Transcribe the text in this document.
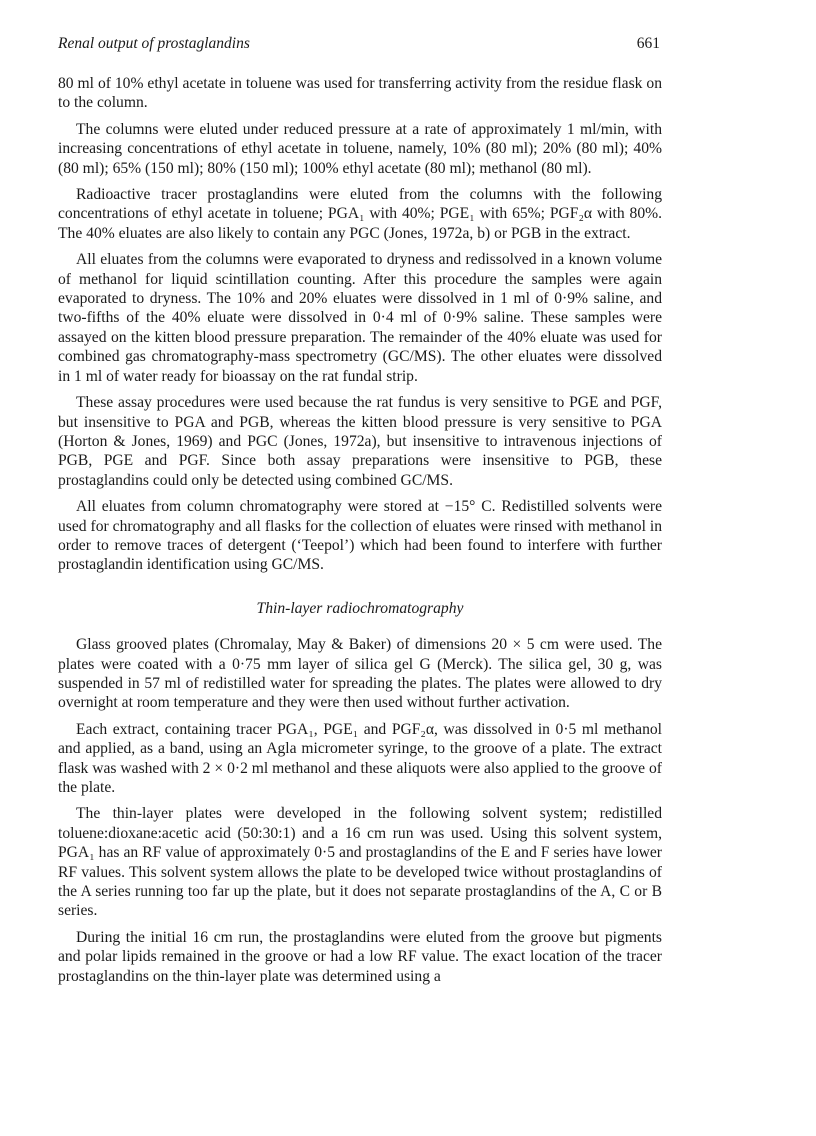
Renal output of prostaglandins	661

80 ml of 10% ethyl acetate in toluene was used for transferring activity from the residue flask on to the column.

The columns were eluted under reduced pressure at a rate of approximately 1 ml/min, with increasing concentrations of ethyl acetate in toluene, namely, 10% (80 ml); 20% (80 ml); 40% (80 ml); 65% (150 ml); 80% (150 ml); 100% ethyl acetate (80 ml); methanol (80 ml).

Radioactive tracer prostaglandins were eluted from the columns with the following concentrations of ethyl acetate in toluene; PGA₁ with 40%; PGE₁ with 65%; PGF₂α with 80%. The 40% eluates are also likely to contain any PGC (Jones, 1972a, b) or PGB in the extract.

All eluates from the columns were evaporated to dryness and redissolved in a known volume of methanol for liquid scintillation counting. After this procedure the samples were again evaporated to dryness. The 10% and 20% eluates were dissolved in 1 ml of 0·9% saline, and two-fifths of the 40% eluate were dissolved in 0·4 ml of 0·9% saline. These samples were assayed on the kitten blood pressure preparation. The remainder of the 40% eluate was used for combined gas chromatography-mass spectrometry (GC/MS). The other eluates were dissolved in 1 ml of water ready for bioassay on the rat fundal strip.

These assay procedures were used because the rat fundus is very sensitive to PGE and PGF, but insensitive to PGA and PGB, whereas the kitten blood pressure is very sensitive to PGA (Horton & Jones, 1969) and PGC (Jones, 1972a), but insensitive to intravenous injections of PGB, PGE and PGF. Since both assay preparations were insensitive to PGB, these prostaglandins could only be detected using combined GC/MS.

All eluates from column chromatography were stored at −15° C. Redistilled solvents were used for chromatography and all flasks for the collection of eluates were rinsed with methanol in order to remove traces of detergent (‘Teepol’) which had been found to interfere with further prostaglandin identification using GC/MS.

Thin-layer radiochromatography

Glass grooved plates (Chromalay, May & Baker) of dimensions 20 × 5 cm were used. The plates were coated with a 0·75 mm layer of silica gel G (Merck). The silica gel, 30 g, was suspended in 57 ml of redistilled water for spreading the plates. The plates were allowed to dry overnight at room temperature and they were then used without further activation.

Each extract, containing tracer PGA₁, PGE₁ and PGF₂α, was dissolved in 0·5 ml methanol and applied, as a band, using an Agla micrometer syringe, to the groove of a plate. The extract flask was washed with 2 × 0·2 ml methanol and these aliquots were also applied to the groove of the plate.

The thin-layer plates were developed in the following solvent system; redistilled toluene:dioxane:acetic acid (50:30:1) and a 16 cm run was used. Using this solvent system, PGA₁ has an RF value of approximately 0·5 and prostaglandins of the E and F series have lower RF values. This solvent system allows the plate to be developed twice without prostaglandins of the A series running too far up the plate, but it does not separate prostaglandins of the A, C or B series.

During the initial 16 cm run, the prostaglandins were eluted from the groove but pigments and polar lipids remained in the groove or had a low RF value. The exact location of the tracer prostaglandins on the thin-layer plate was determined using a
